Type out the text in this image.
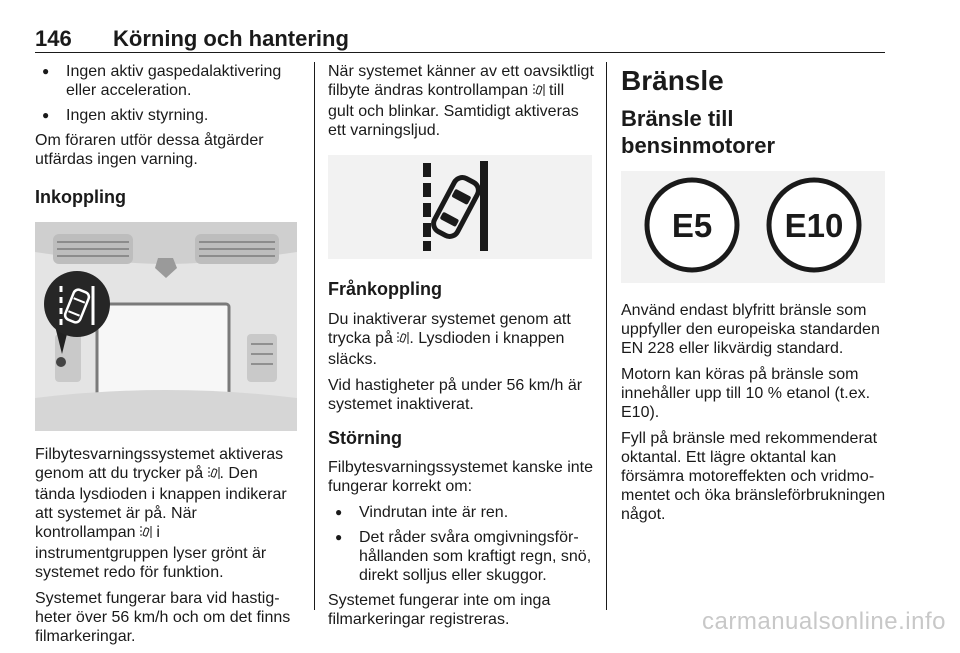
146 Körning och hantering
● Ingen aktiv gaspedalaktivering eller acceleration.
● Ingen aktiv styrning.

Om föraren utför dessa åtgärder utfärdas ingen varning.

Inkoppling

Filbytesvarningssystemet aktiveras genom att du trycker på . Den tända lysdioden i knappen indikerar att systemet är på. När kontrollampan  i instrumentgruppen lyser grönt är systemet redo för funktion.

Systemet fungerar bara vid hastigheter över 56 km/h och om det finns filmarkeringar.

När systemet känner av ett oavsiktligt filbyte ändras kontrollampan  till gult och blinkar. Samtidigt aktiveras ett varningsljud.

Frånkoppling

Du inaktiverar systemet genom att trycka på . Lysdioden i knappen släcks.

Vid hastigheter på under 56 km/h är systemet inaktiverat.

Störning

Filbytesvarningssystemet kanske inte fungerar korrekt om:

● Vindrutan inte är ren.
● Det råder svåra omgivningsförhållanden som kraftigt regn, snö, direkt solljus eller skuggor.

Systemet fungerar inte om inga filmarkeringar registreras.

Bränsle
Bränsle till bensinmotorer
E5 E10

Använd endast blyfritt bränsle som uppfyller den europeiska standarden EN 228 eller likvärdig standard.

Motorn kan köras på bränsle som innehåller upp till 10 % etanol (t.ex. E10).

Fyll på bränsle med rekommenderat oktantal. Ett lägre oktantal kan försämra motoreffekten och vridmomentet och öka bränsleförbrukningen något.

carmanualsonline.info
